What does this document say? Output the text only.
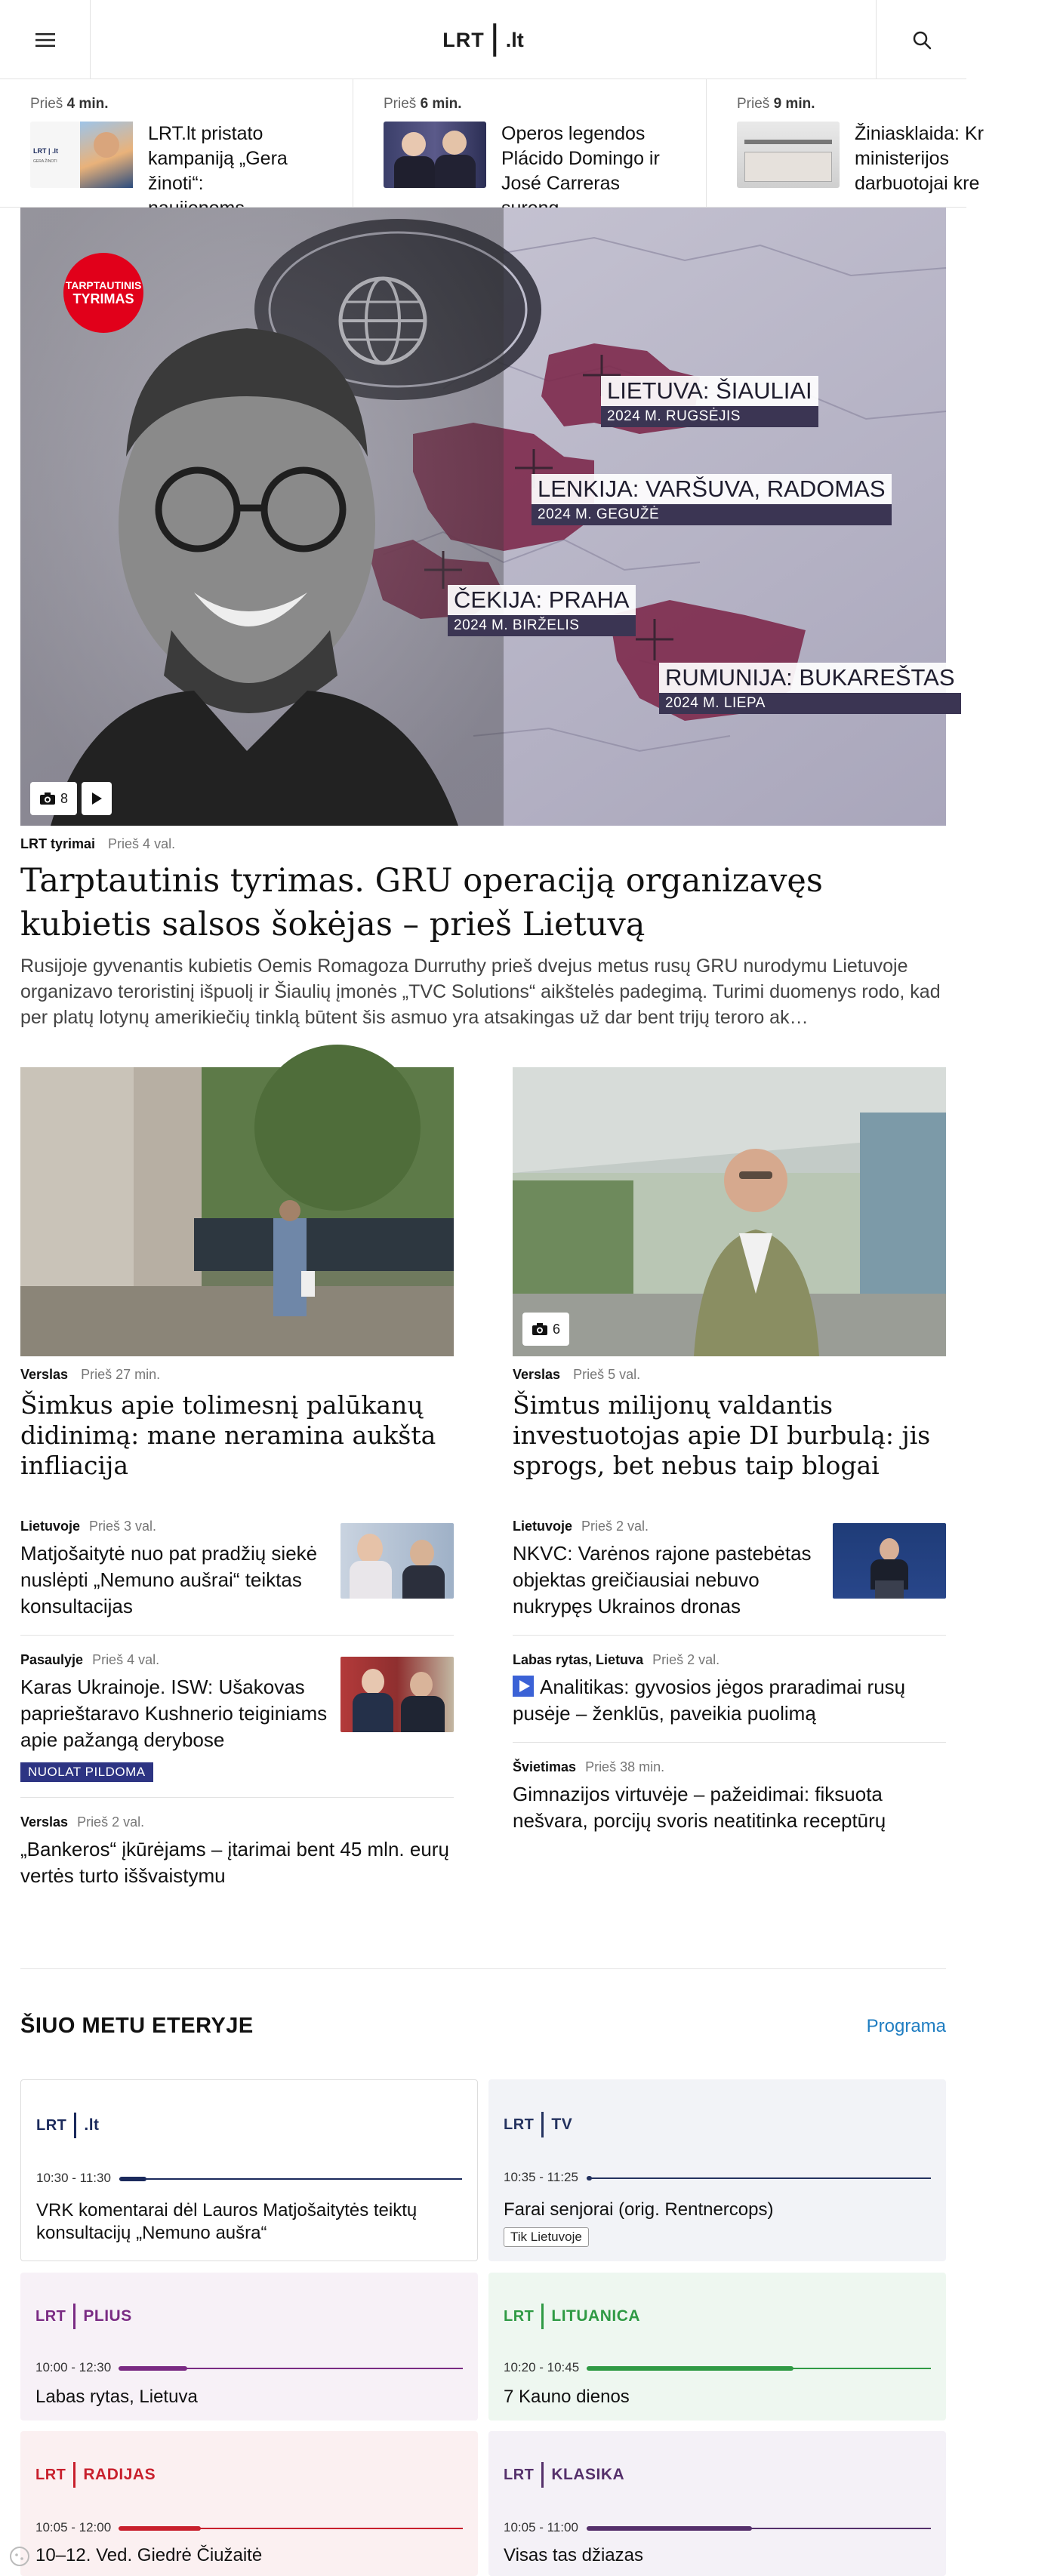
LRT .lt
Prieš 4 min.
LRT | .lt
GERA ŽINOTI
LRT.lt pristato kampaniją „Gera žinoti“:
Prieš 6 min.
Operos legendos Plácido Domingo ir José Carreras
Prieš 9 min.
Žiniasklaida: Kr ministerijos darbuotojai kre
TARPTAUTINIS
TYRIMAS
LIETUVA: ŠIAULIAI
2024 M. RUGSĖJIS
LENKIJA: VARŠUVA, RADOMAS
2024 M. GEGUŽĖ
ČEKIJA: PRAHA
2024 M. BIRŽELIS
RUMUNIJA: BUKAREŠTAS
2024 M. LIEPA
8
LRT tyrimai Prieš 4 val.
Tarptautinis tyrimas. GRU operaciją organizavęs kubietis salsos šokėjas – prieš Lietuvą
Rusijoje gyvenantis kubietis Oemis Romagoza Durruthy prieš dvejus metus rusų GRU nurodymu Lietuvoje organizavo teroristinį išpuolį ir Šiaulių įmonės „TVC Solutions“ aikštelės padegimą. Turimi duomenys rodo, kad per platų lotynų amerikiečių tinklą būtent šis asmuo yra atsakingas už dar bent trijų teroro ak…
Verslas Prieš 27 min.
Šimkus apie tolimesnį palūkanų didinimą: mane neramina aukšta infliacija
Lietuvoje Prieš 3 val.
Matjošaitytė nuo pat pradžių siekė nuslėpti „Nemuno aušrai“ teiktas konsultacijas
Pasaulyje Prieš 4 val.
Karas Ukrainoje. ISW: Ušakovas paprieštaravo Kushnerio teiginiams apie pažangą derybose
NUOLAT PILDOMA
Verslas Prieš 2 val.
„Bankeros“ įkūrėjams – įtarimai bent 45 mln. eurų vertės turto iššvaistymu
6
Verslas Prieš 5 val.
Šimtus milijonų valdantis investuotojas apie DI burbulą: jis sprogs, bet nebus taip blogai
Lietuvoje Prieš 2 val.
NKVC: Varėnos rajone pastebėtas objektas greičiausiai nebuvo nukrypęs Ukrainos dronas
Labas rytas, Lietuva Prieš 2 val.
Analitikas: gyvosios jėgos praradimai rusų pusėje – ženklūs, paveikia puolimą
Švietimas Prieš 38 min.
Gimnazijos virtuvėje – pažeidimai: fiksuota nešvara, porcijų svoris neatitinka receptūrų
ŠIUO METU ETERYJE	Programa
LRT .lt
10:30 - 11:30
VRK komentarai dėl Lauros Matjošaitytės teiktų konsultacijų „Nemuno aušra“
LRT TV
10:35 - 11:25
Farai senjorai (orig. Rentnercops)
Tik Lietuvoje
LRT PLIUS
10:00 - 12:30
Labas rytas, Lietuva
LRT LITUANICA
10:20 - 10:45
7 Kauno dienos
LRT RADIJAS
10:05 - 12:00
10–12. Ved. Giedrė Čiužaitė
LRT KLASIKA
10:05 - 11:00
Visas tas džiazas
